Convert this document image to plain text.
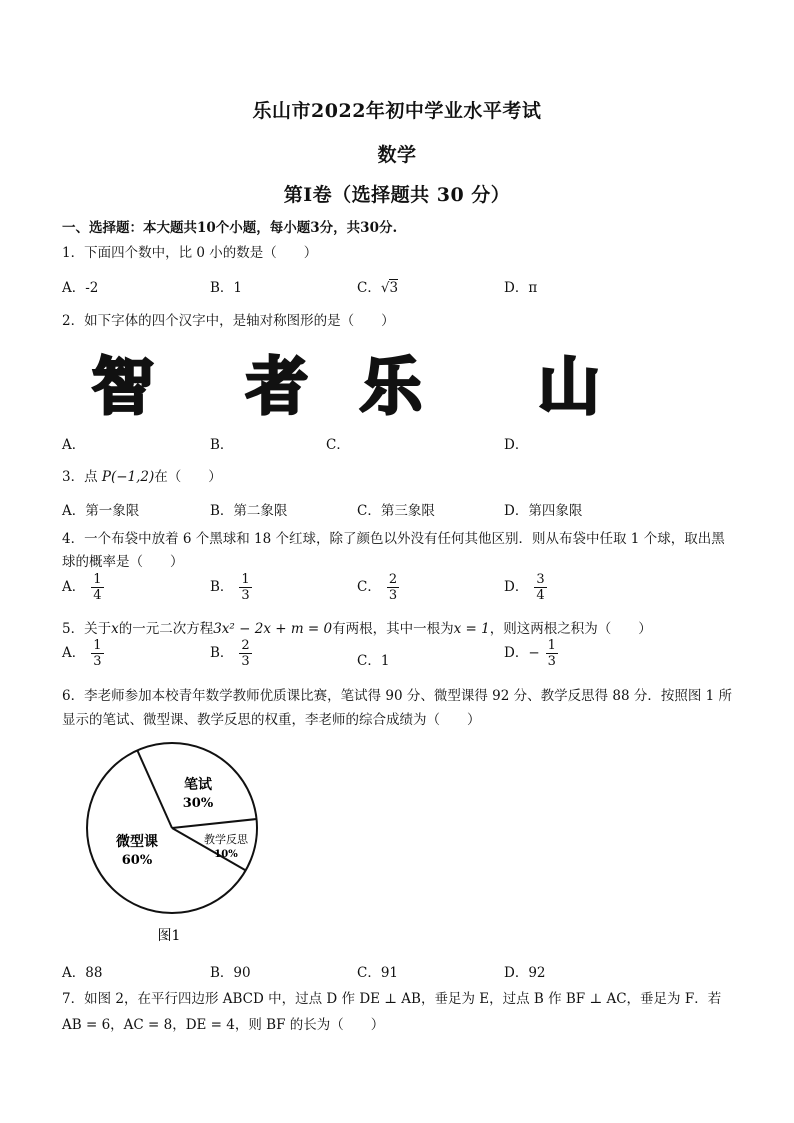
乐山市2022年初中学业水平考试
数学
第Ⅰ卷（选择题共 30 分）
一、选择题：本大题共10个小题，每小题3分，共30分.
1．下面四个数中，比 0 小的数是（　　）
A．-2	B．1	C．√3	D．π
2．如下字体的四个汉字中，是轴对称图形的是（　　）
智 者 乐 山
A．	B．	C．	D．
3．点 P(−1,2)在（　　）
A．第一象限	B．第二象限	C．第三象限	D．第四象限
4．一个布袋中放着 6 个黑球和 18 个红球，除了颜色以外没有任何其他区别．则从布袋中任取 1 个球，取出黑
球的概率是（　　）
A． $\frac{1}{4}$	B． $\frac{1}{3}$	C． $\frac{2}{3}$	D． $\frac{3}{4}$
5．关于x的一元二次方程3x² − 2x + m = 0有两根，其中一根为x = 1，则这两根之积为（　　）
A． $\frac{1}{3}$	B． $\frac{2}{3}$	C．1	D．− $\frac{1}{3}$
6．李老师参加本校青年数学教师优质课比赛，笔试得 90 分、微型课得 92 分、教学反思得 88 分．按照图 1 所
显示的笔试、微型课、教学反思的权重，李老师的综合成绩为（　　）
笔试
30%
教学反思
10%
微型课
60%
图1
A．88	B．90	C．91	D．92
7．如图 2，在平行四边形 ABCD 中，过点 D 作 DE ⊥ AB，垂足为 E，过点 B 作 BF ⊥ AC，垂足为 F．若
AB = 6，AC = 8，DE = 4，则 BF 的长为（　　）
